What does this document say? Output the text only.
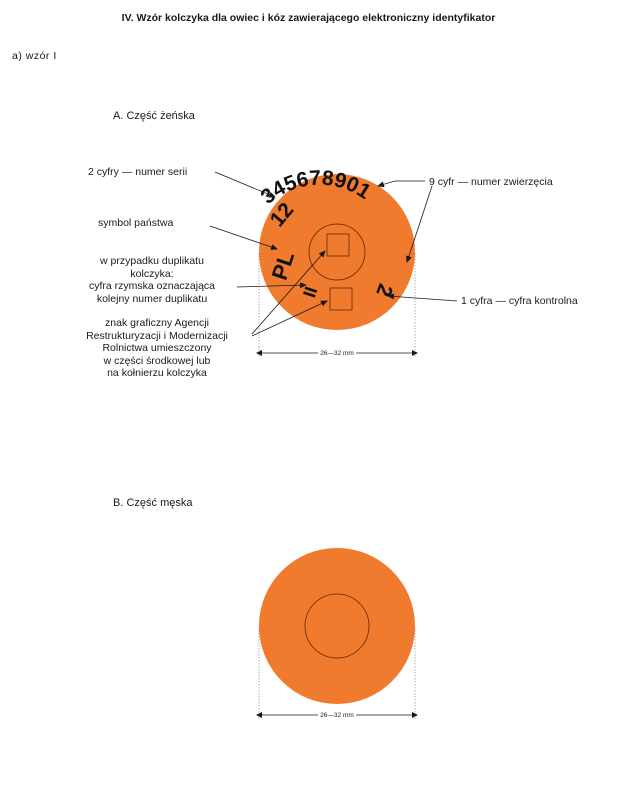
IV. Wzór kolczyka dla owiec i kóz zawierającego elektroniczny identyfikator
a) wzór I
A. Część żeńska
B. Część męska
2 cyfry — numer serii
9 cyfr — numer zwierzęcia
symbol państwa
w przypadku duplikatu
kolczyka:
cyfra rzymska oznaczająca
kolejny numer duplikatu	1 cyfra — cyfra kontrolna
znak graficzny Agencji
Restrukturyzacji i Modernizacji
Rolnictwa umieszczony
w części środkowej lub
na kołnierzu kolczyka
PL
II
12
345678901
2
26—32 mm
26—32 mm
